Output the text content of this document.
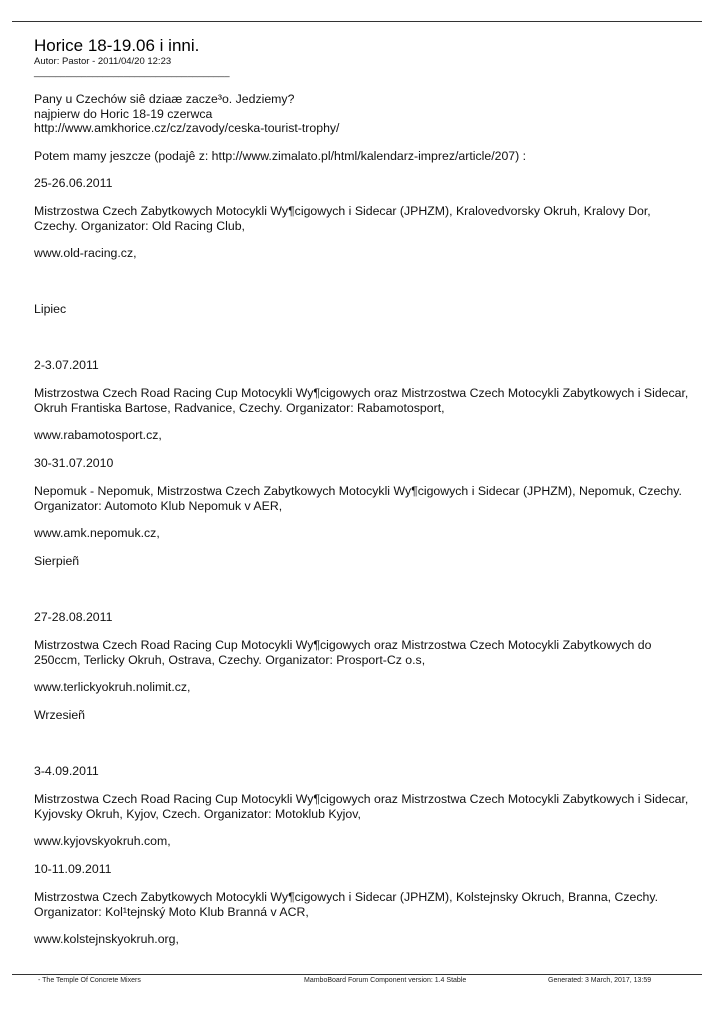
Horice 18-19.06 i inni.

Autor: Pastor - 2011/04/20 12:23

_____________________________________

Pany u Czechów siê dziaæ zacze³o. Jedziemy?
najpierw do Horic 18-19 czerwca
http://www.amkhorice.cz/cz/zavody/ceska-tourist-trophy/
Potem mamy jeszcze (podajê z: http://www.zimalato.pl/html/kalendarz-imprez/article/207) :
25-26.06.2011
Mistrzostwa Czech Zabytkowych Motocykli Wy¶cigowych i Sidecar (JPHZM), Kralovedvorsky Okruh, Kralovy Dor,
Czechy. Organizator: Old Racing Club,
www.old-racing.cz,
Lipiec
2-3.07.2011
Mistrzostwa Czech Road Racing Cup Motocykli Wy¶cigowych oraz Mistrzostwa Czech Motocykli Zabytkowych i Sidecar,
Okruh Frantiska Bartose, Radvanice, Czechy. Organizator: Rabamotosport,
www.rabamotosport.cz,
30-31.07.2010
Nepomuk - Nepomuk, Mistrzostwa Czech Zabytkowych Motocykli Wy¶cigowych i Sidecar (JPHZM), Nepomuk, Czechy.
Organizator: Automoto Klub Nepomuk v AER,
www.amk.nepomuk.cz,
Sierpieñ
27-28.08.2011
Mistrzostwa Czech Road Racing Cup Motocykli Wy¶cigowych oraz Mistrzostwa Czech Motocykli Zabytkowych do
250ccm, Terlicky Okruh, Ostrava, Czechy. Organizator: Prosport-Cz o.s,
www.terlickyokruh.nolimit.cz,
Wrzesieñ
3-4.09.2011
Mistrzostwa Czech Road Racing Cup Motocykli Wy¶cigowych oraz Mistrzostwa Czech Motocykli Zabytkowych i Sidecar,
Kyjovsky Okruh, Kyjov, Czech. Organizator: Motoklub Kyjov,
www.kyjovskyokruh.com,
10-11.09.2011
Mistrzostwa Czech Zabytkowych Motocykli Wy¶cigowych i Sidecar (JPHZM), Kolstejnsky Okruch, Branna, Czechy.
Organizator: Kol¹tejnský Moto Klub Branná v ACR,
www.kolstejnskyokruh.org,
- The Temple Of Concrete Mixers	MamboBoard Forum Component version: 1.4 Stable	Generated: 3 March, 2017, 13:59
